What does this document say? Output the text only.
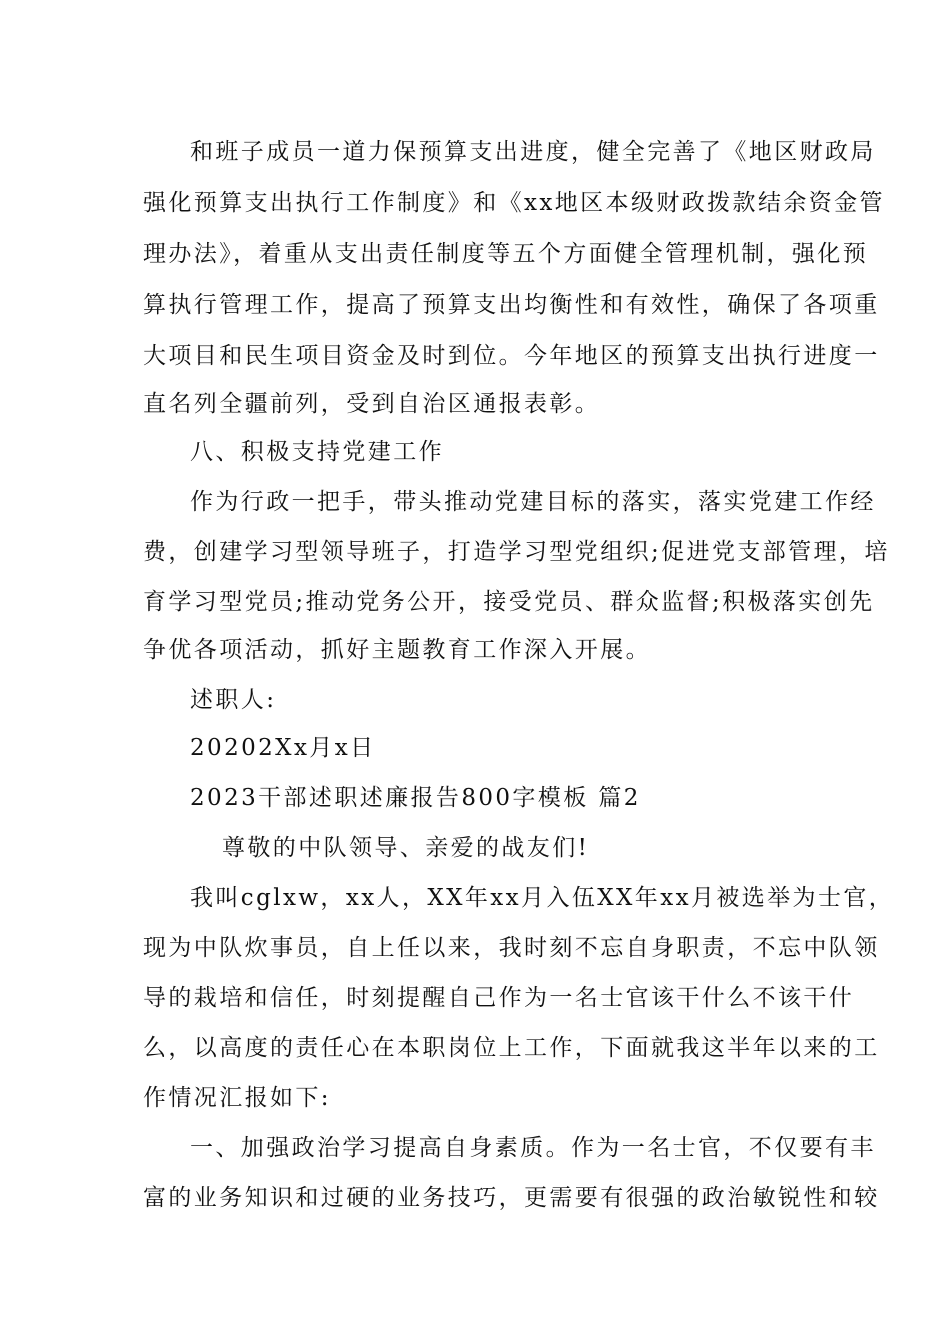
和班子成员一道力保预算支出进度，健全完善了《地区财政局
强化预算支出执行工作制度》和《xx地区本级财政拨款结余资金管
理办法》，着重从支出责任制度等五个方面健全管理机制，强化预
算执行管理工作，提高了预算支出均衡性和有效性，确保了各项重
大项目和民生项目资金及时到位。今年地区的预算支出执行进度一
直名列全疆前列，受到自治区通报表彰。
八、积极支持党建工作
作为行政一把手，带头推动党建目标的落实，落实党建工作经
费，创建学习型领导班子，打造学习型党组织;促进党支部管理，培
育学习型党员;推动党务公开，接受党员、群众监督;积极落实创先
争优各项活动，抓好主题教育工作深入开展。
述职人:
20202Xx月x日
2023干部述职述廉报告800字模板 篇2
尊敬的中队领导、亲爱的战友们!
我叫cglxw，xx人，XX年xx月入伍XX年xx月被选举为士官，
现为中队炊事员，自上任以来，我时刻不忘自身职责，不忘中队领
导的栽培和信任，时刻提醒自己作为一名士官该干什么不该干什
么，以高度的责任心在本职岗位上工作，下面就我这半年以来的工
作情况汇报如下:
一、加强政治学习提高自身素质。作为一名士官，不仅要有丰
富的业务知识和过硬的业务技巧，更需要有很强的政治敏锐性和较
